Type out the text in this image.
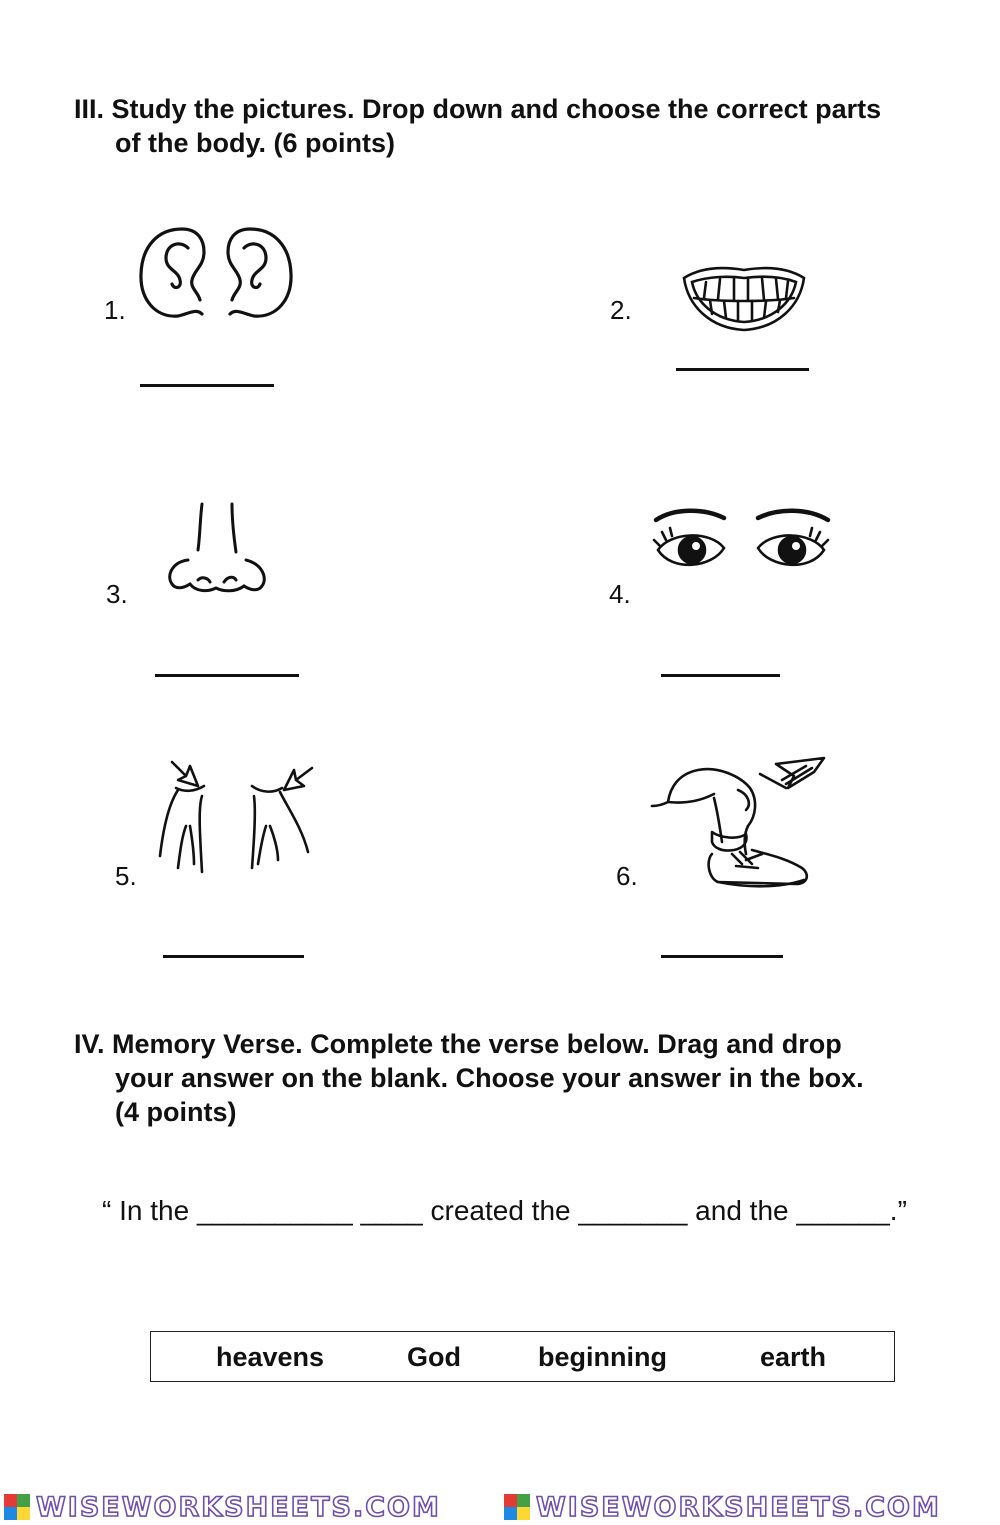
III. Study the pictures. Drop down and choose the correct parts
of the body. (6 points)
1.	2.
3.	4.
5.	6.
IV. Memory Verse. Complete the verse below. Drag and drop
your answer on the blank. Choose your answer in the box.
(4 points)
“ In the __________ ____ created the _______ and the ______.”
heavens	God	beginning	earth
WISEWORKSHEETS.COM	WISEWORKSHEETS.COM
